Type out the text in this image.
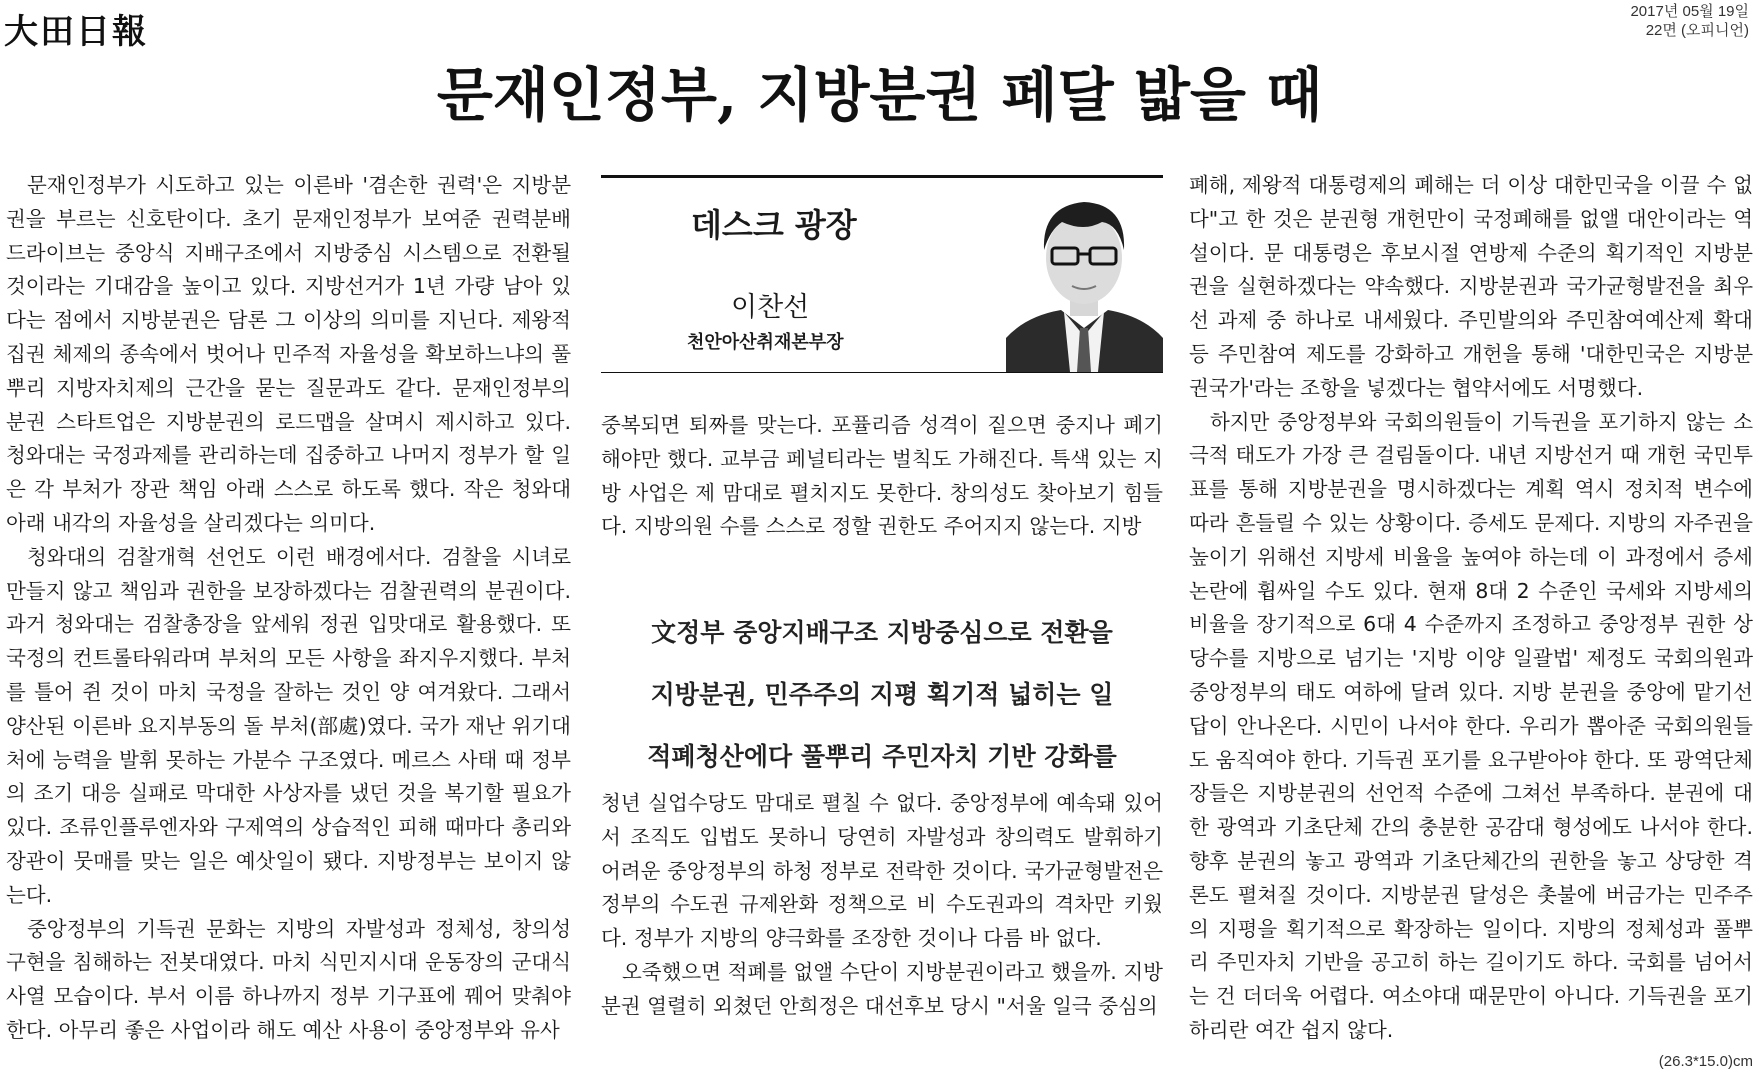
大田日報
2017년 05월 19일
22면 (오피니언)
문재인정부, 지방분권 페달 밟을 때

문재인정부가 시도하고 있는 이른바 '겸손한 권력'은 지방분권을 부르는 신호탄이다. 초기 문재인정부가 보여준 권력분배 드라이브는 중앙식 지배구조에서 지방중심 시스템으로 전환될 것이라는 기대감을 높이고 있다. 지방선거가 1년 가량 남아 있다는 점에서 지방분권은 담론 그 이상의 의미를 지닌다. 제왕적 집권 체제의 종속에서 벗어나 민주적 자율성을 확보하느냐의 풀뿌리 지방자치제의 근간을 묻는 질문과도 같다. 문재인정부의 분권 스타트업은 지방분권의 로드맵을 살며시 제시하고 있다. 청와대는 국정과제를 관리하는데 집중하고 나머지 정부가 할 일은 각 부처가 장관 책임 아래 스스로 하도록 했다. 작은 청와대 아래 내각의 자율성을 살리겠다는 의미다.

청와대의 검찰개혁 선언도 이런 배경에서다. 검찰을 시녀로 만들지 않고 책임과 권한을 보장하겠다는 검찰권력의 분권이다. 과거 청와대는 검찰총장을 앞세워 정권 입맛대로 활용했다. 또 국정의 컨트롤타워라며 부처의 모든 사항을 좌지우지했다. 부처를 틀어 쥔 것이 마치 국정을 잘하는 것인 양 여겨왔다. 그래서 양산된 이른바 요지부동의 돌 부처(部處)였다. 국가 재난 위기대처에 능력을 발휘 못하는 가분수 구조였다. 메르스 사태 때 정부의 조기 대응 실패로 막대한 사상자를 냈던 것을 복기할 필요가 있다. 조류인플루엔자와 구제역의 상습적인 피해 때마다 총리와 장관이 뭇매를 맞는 일은 예삿일이 됐다. 지방정부는 보이지 않는다.

중앙정부의 기득권 문화는 지방의 자발성과 정체성, 창의성 구현을 침해하는 전봇대였다. 마치 식민지시대 운동장의 군대식 사열 모습이다. 부서 이름 하나까지 정부 기구표에 꿰어 맞춰야 한다. 아무리 좋은 사업이라 해도 예산 사용이 중앙정부와 유사

데스크 광장
이찬선
천안아산취재본부장

중복되면 퇴짜를 맞는다. 포퓰리즘 성격이 짙으면 중지나 폐기해야만 했다. 교부금 페널티라는 벌칙도 가해진다. 특색 있는 지방 사업은 제 맘대로 펼치지도 못한다. 창의성도 찾아보기 힘들다. 지방의원 수를 스스로 정할 권한도 주어지지 않는다. 지방

文정부 중앙지배구조 지방중심으로 전환을
지방분권, 민주주의 지평 획기적 넓히는 일
적폐청산에다 풀뿌리 주민자치 기반 강화를

청년 실업수당도 맘대로 펼칠 수 없다. 중앙정부에 예속돼 있어서 조직도 입법도 못하니 당연히 자발성과 창의력도 발휘하기 어려운 중앙정부의 하청 정부로 전락한 것이다. 국가균형발전은 정부의 수도권 규제완화 정책으로 비 수도권과의 격차만 키웠다. 정부가 지방의 양극화를 조장한 것이나 다름 바 없다.

오죽했으면 적폐를 없앨 수단이 지방분권이라고 했을까. 지방분권 열렬히 외쳤던 안희정은 대선후보 당시 "서울 일극 중심의

폐해, 제왕적 대통령제의 폐해는 더 이상 대한민국을 이끌 수 없다"고 한 것은 분권형 개헌만이 국정폐해를 없앨 대안이라는 역설이다. 문 대통령은 후보시절 연방제 수준의 획기적인 지방분권을 실현하겠다는 약속했다. 지방분권과 국가균형발전을 최우선 과제 중 하나로 내세웠다. 주민발의와 주민참여예산제 확대 등 주민참여 제도를 강화하고 개헌을 통해 '대한민국은 지방분권국가'라는 조항을 넣겠다는 협약서에도 서명했다.

하지만 중앙정부와 국회의원들이 기득권을 포기하지 않는 소극적 태도가 가장 큰 걸림돌이다. 내년 지방선거 때 개헌 국민투표를 통해 지방분권을 명시하겠다는 계획 역시 정치적 변수에 따라 흔들릴 수 있는 상황이다. 증세도 문제다. 지방의 자주권을 높이기 위해선 지방세 비율을 높여야 하는데 이 과정에서 증세 논란에 휩싸일 수도 있다. 현재 8대 2 수준인 국세와 지방세의 비율을 장기적으로 6대 4 수준까지 조정하고 중앙정부 권한 상당수를 지방으로 넘기는 '지방 이양 일괄법' 제정도 국회의원과 중앙정부의 태도 여하에 달려 있다. 지방 분권을 중앙에 맡기선 답이 안나온다. 시민이 나서야 한다. 우리가 뽑아준 국회의원들도 움직여야 한다. 기득권 포기를 요구받아야 한다. 또 광역단체장들은 지방분권의 선언적 수준에 그쳐선 부족하다. 분권에 대한 광역과 기초단체 간의 충분한 공감대 형성에도 나서야 한다. 향후 분권의 놓고 광역과 기초단체간의 권한을 놓고 상당한 격론도 펼쳐질 것이다. 지방분권 달성은 촛불에 버금가는 민주주의 지평을 획기적으로 확장하는 일이다. 지방의 정체성과 풀뿌리 주민자치 기반을 공고히 하는 길이기도 하다. 국회를 넘어서는 건 더더욱 어렵다. 여소야대 때문만이 아니다. 기득권을 포기하리란 여간 쉽지 않다.

(26.3*15.0)cm
